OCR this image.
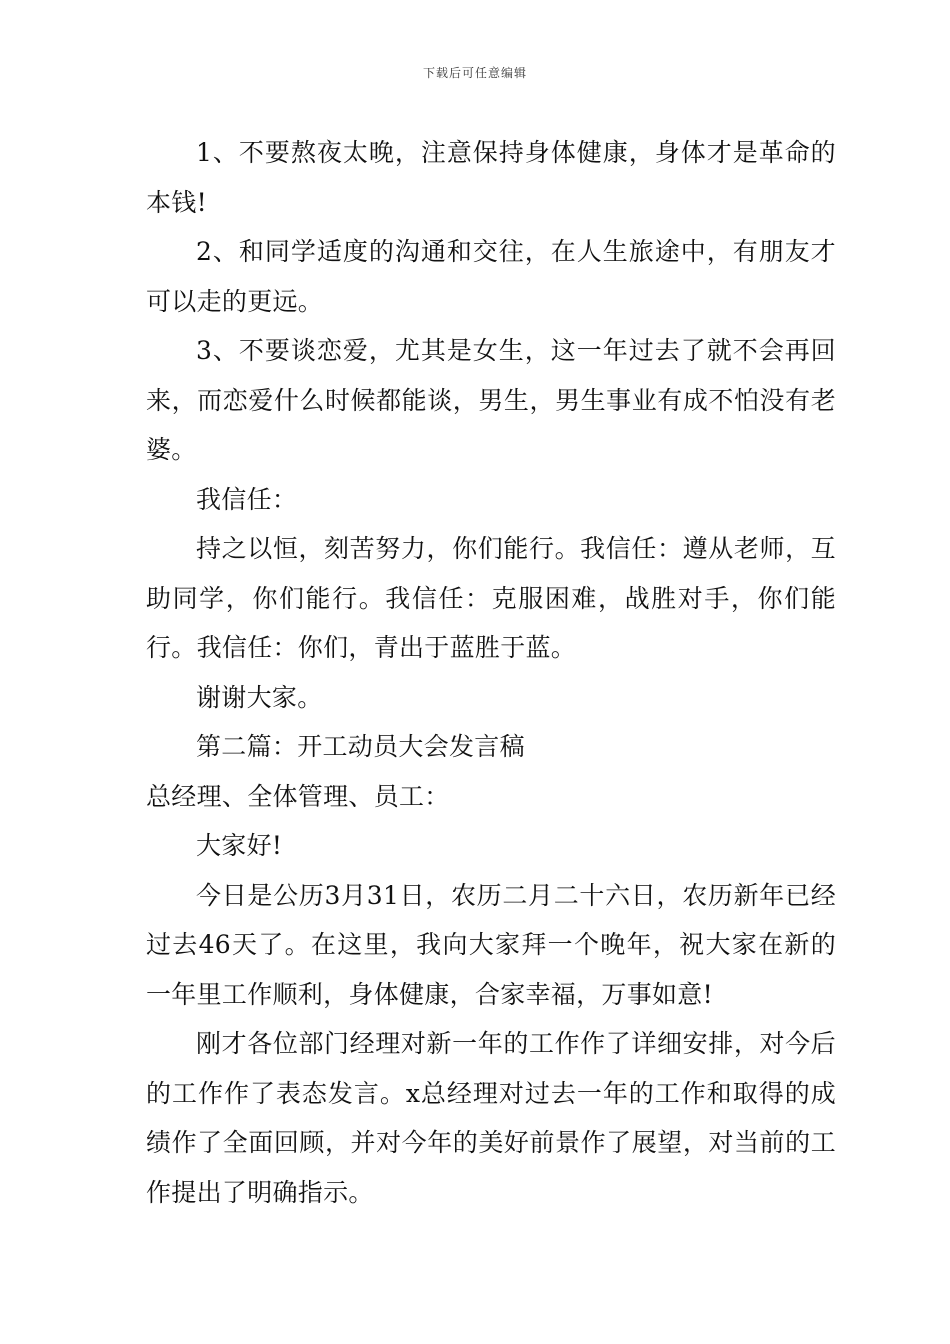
下载后可任意编辑

1、不要熬夜太晚，注意保持身体健康，身体才是革命的本钱!

2、和同学适度的沟通和交往，在人生旅途中，有朋友才可以走的更远。

3、不要谈恋爱，尤其是女生，这一年过去了就不会再回来，而恋爱什么时候都能谈，男生，男生事业有成不怕没有老婆。

我信任：

持之以恒，刻苦努力，你们能行。我信任：遵从老师，互助同学，你们能行。我信任：克服困难，战胜对手，你们能行。我信任：你们，青出于蓝胜于蓝。

谢谢大家。

第二篇：开工动员大会发言稿

总经理、全体管理、员工：

大家好!

今日是公历3月31日，农历二月二十六日，农历新年已经过去46天了。在这里，我向大家拜一个晚年，祝大家在新的一年里工作顺利，身体健康，合家幸福，万事如意!

刚才各位部门经理对新一年的工作作了详细安排，对今后的工作作了表态发言。x总经理对过去一年的工作和取得的成绩作了全面回顾，并对今年的美好前景作了展望，对当前的工作提出了明确指示。
